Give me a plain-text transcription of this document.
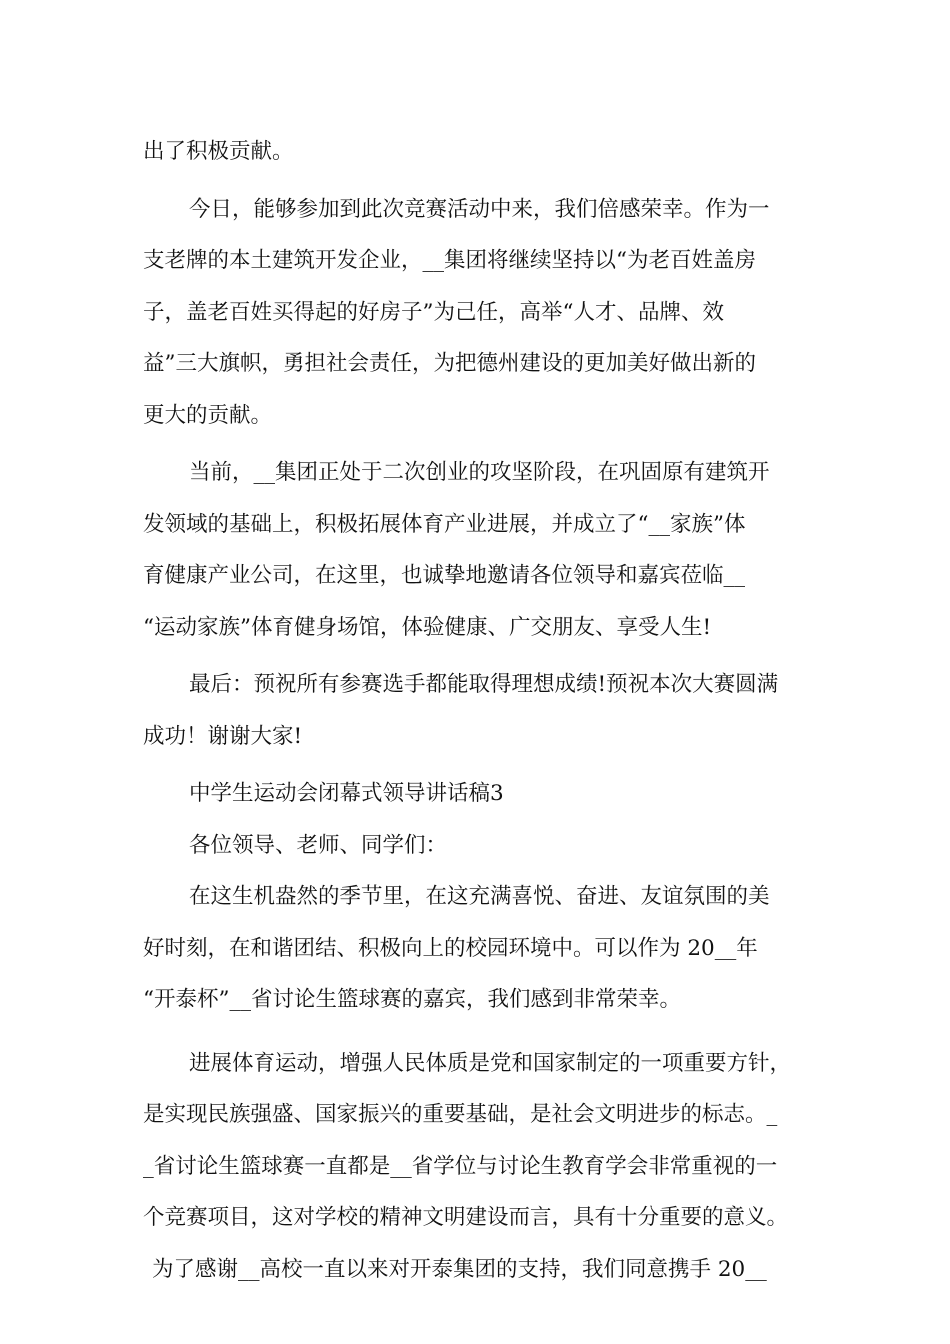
出了积极贡献。
今日，能够参加到此次竞赛活动中来，我们倍感荣幸。作为一
支老牌的本土建筑开发企业，__集团将继续坚持以“为老百姓盖房
子，盖老百姓买得起的好房子”为己任，高举“人才、品牌、效
益”三大旗帜，勇担社会责任，为把德州建设的更加美好做出新的
更大的贡献。
当前，__集团正处于二次创业的攻坚阶段，在巩固原有建筑开
发领域的基础上，积极拓展体育产业进展，并成立了“__家族”体
育健康产业公司，在这里，也诚挚地邀请各位领导和嘉宾莅临__
“运动家族”体育健身场馆，体验健康、广交朋友、享受人生!
最后：预祝所有参赛选手都能取得理想成绩!预祝本次大赛圆满
成功！谢谢大家!
中学生运动会闭幕式领导讲话稿3
各位领导、老师、同学们：
在这生机盎然的季节里，在这充满喜悦、奋进、友谊氛围的美
好时刻，在和谐团结、积极向上的校园环境中。可以作为 20__年
“开泰杯”__省讨论生篮球赛的嘉宾，我们感到非常荣幸。
进展体育运动，增强人民体质是党和国家制定的一项重要方针，
是实现民族强盛、国家振兴的重要基础，是社会文明进步的标志。_
_省讨论生篮球赛一直都是__省学位与讨论生教育学会非常重视的一
个竞赛项目，这对学校的精神文明建设而言，具有十分重要的意义。
为了感谢__高校一直以来对开泰集团的支持，我们同意携手 20__
